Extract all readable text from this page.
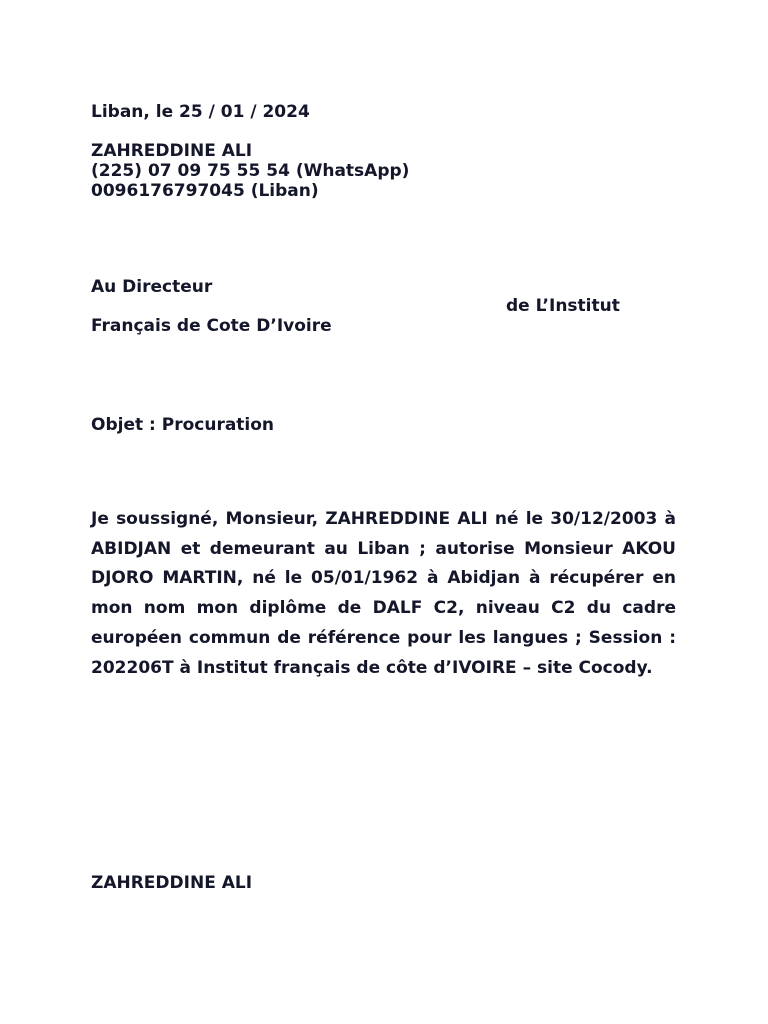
Liban, le 25 / 01 / 2024
ZAHREDDINE ALI
(225) 07 09 75 55 54 (WhatsApp)
0096176797045 (Liban)
Au Directeur
de L’Institut
Français de Cote D’Ivoire
Objet : Procuration
Je soussigné, Monsieur, ZAHREDDINE ALI né le 30/12/2003 à ABIDJAN et demeurant au Liban ; autorise Monsieur AKOU DJORO MARTIN, né le 05/01/1962 à Abidjan à récupérer en mon nom mon diplôme de DALF C2, niveau C2 du cadre européen commun de référence pour les langues ; Session : 202206T à Institut français de côte d’IVOIRE – site Cocody.
ZAHREDDINE ALI
